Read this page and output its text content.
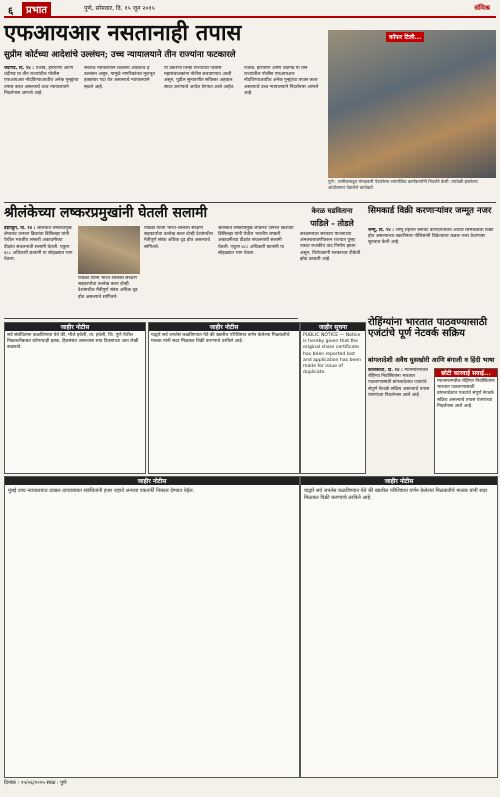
६	प्रभात	पुणे, सोमवार, दि. १५ जून २०१५	संमिश्र
एफआयआर नसतानाही तपास
सुप्रीम कोर्टच्या आदेशांचे उल्लंघन; उच्च न्यायालयाने तीन राज्यांना फटकारले

चंदीगड, दि. १४ : पंजाब, हरियाणा आणि चंदीगड या तीन राज्यांतील पोलीस एफआयआर नोंदविण्याआधीच अनेक गुन्ह्यांचा तपास करत असल्याचे उच्च न्यायालयाने निदर्शनास आणले आहे.

सर्वोच्च न्यायालयाने दिलेल्या आदेशांचे हे उल्लंघन असून, यामुळे नागरिकांच्या मूलभूत हक्कांवर गदा येत असल्याचे न्यायालयाने म्हटले आहे.

या प्रकरणी तिन्ही राज्यांच्या पोलीस महासंचालकांना नोटीस बजावण्यात आली असून, पुढील सुनावणीत सविस्तर अहवाल सादर करण्याचे आदेश देण्यात आले आहेत.

पंजाब, हरियाणा आणि चंदीगड या तीन राज्यांतील पोलीस एफआयआर नोंदविण्याआधीच अनेक गुन्ह्यांचा तपास करत असल्याचे उच्च न्यायालयाने निदर्शनास आणले आहे.

कॉफर टिली...
पुणे : तामीळनाडूत मंगळवारी पेडालेल्या सामाजिक कार्यकर्त्यांनी निदर्शने केली. त्यावेळी झालेल्या आंदोलनात पेडालेले कार्यकर्ते.
श्रीलंकेच्या लष्करप्रमुखांनी घेतली सलामी

डेहराडून, दि. १४ : श्रीलंकेचे लष्करप्रमुख लेफ्टनंट जनरल क्रिशांता डिसिल्व्हा यांनी येथील भारतीय लष्करी अकादमीच्या दीक्षांत संचलनाची सलामी घेतली. एकूण ४८८ अधिकारी छात्रांनी या सोहळ्यात भाग घेतला.

यावेळी त्यांनी भारत-श्रीलंका संरक्षण सहकार्याचा उल्लेख करत दोन्ही देशांमधील मैत्रीपूर्ण संबंध अधिक दृढ होत असल्याचे सांगितले.

यावेळी त्यांनी भारत-श्रीलंका संरक्षण सहकार्याचा उल्लेख करत दोन्ही देशांमधील मैत्रीपूर्ण संबंध अधिक दृढ होत असल्याचे सांगितले.

श्रीलंकेचे लष्करप्रमुख लेफ्टनंट जनरल क्रिशांता डिसिल्व्हा यांनी येथील भारतीय लष्करी अकादमीच्या दीक्षांत संचलनाची सलामी घेतली. एकूण ४८८ अधिकारी छात्रांनी या सोहळ्यात भाग घेतला.

केरळ घडविताना
पाडिले - तोडले
केरळमधील सरकारी योजनांच्या अंमलबजावणीवरून राज्यात पुन्हा एकदा राजकीय वाद निर्माण झाला असून, विरोधकांनी सरकारवर टीकेची झोड उठवली आहे.
सिमकार्ड विक्री करणाऱ्यांवर जम्मूत नजर

जम्मू, दि. १४ : जम्मू शहरात बनावट कागदपत्रांच्या आधारे सिमकार्डची विक्री होत असल्याच्या तक्रारीनंतर पोलिसांनी विक्रेत्यांवर कडक नजर ठेवण्यास सुरुवात केली आहे.

जाहीर नोटीस
सर्व संबंधितांना कळविण्यात येते की, मौजे हवेली, ता. हवेली, जि. पुणे येथील मिळकतीबाबत कोणाचाही हक्क, हितसंबंध असल्यास सात दिवसांच्या आत लेखी कळवावे.
जाहीर नोटीस
याद्वारे सर्व जनतेस कळविण्यात येते की खालील परिशिष्टात वर्णन केलेल्या मिळकतीचे मालक यांनी सदर मिळकत विक्री करण्याचे ठरविले आहे.
जाहीर सूचना
PUBLIC NOTICE — Notice is hereby given that the original share certificate has been reported lost and application has been made for issue of duplicate.
रोहिंग्यांना भारतात पाठवण्यासाठी एजंटांचे पूर्ण नेटवर्क सक्रिय
बांगलादेशी अवैध घुसखोरी आणि बंगाली व हिंदी भाषा

कोलकाता, दि. १४ : म्यानमारमधील रोहिंग्या निर्वासितांना भारतात पाठवण्यासाठी बांगलादेशात एजंटांचे संपूर्ण नेटवर्क सक्रिय असल्याचे तपास यंत्रणांच्या निदर्शनास आले आहे.

छोटी कारवाई सवाई...
म्यानमारमधील रोहिंग्या निर्वासितांना भारतात पाठवण्यासाठी बांगलादेशात एजंटांचे संपूर्ण नेटवर्क सक्रिय असल्याचे तपास यंत्रणांच्या निदर्शनास आले आहे.
जाहीर नोटीस
मुंबई उच्च न्यायालयात दाखल दाव्याबाबत संबंधितांनी हजर राहावे अन्यथा एकतर्फी निकाल देण्यात येईल.
जाहीर नोटीस
याद्वारे सर्व जनतेस कळविण्यात येते की खालील परिशिष्टात वर्णन केलेल्या मिळकतीचे मालक यांनी सदर मिळकत विक्री करण्याचे ठरविले आहे.
दिनांक : १५/०६/२०१५ स्थळ : पुणे
